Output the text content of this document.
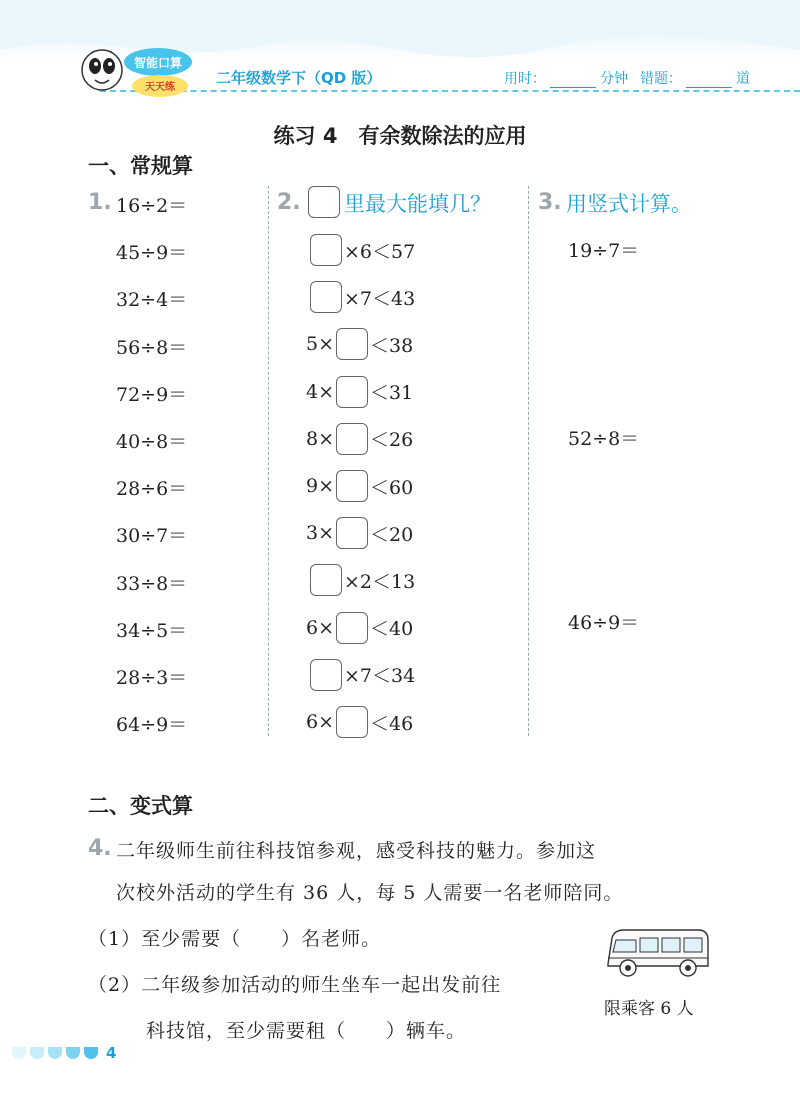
智能口算
天天练
二年级数学下（QD 版）	用时：	分钟 错题：	道
练习 4　有余数除法的应用
一、常规算
1. 16÷2＝
45÷9＝
32÷4＝
56÷8＝
72÷9＝
40÷8＝
28÷6＝
30÷7＝
33÷8＝
34÷5＝
28÷3＝
64÷9＝
2. 里最大能填几？
×6＜57
×7＜43
5× ＜38
4× ＜31
8× ＜26
9× ＜60
3× ＜20
×2＜13
6× ＜40
×7＜34
6× ＜46
3. 用竖式计算。
19÷7＝
52÷8＝
46÷9＝
二、变式算
4. 二年级师生前往科技馆参观，感受科技的魅力。参加这
次校外活动的学生有 36 人，每 5 人需要一名老师陪同。
（1）至少需要（　　）名老师。
（2）二年级参加活动的师生坐车一起出发前往
科技馆，至少需要租（　　）辆车。
限乘客 6 人
4
